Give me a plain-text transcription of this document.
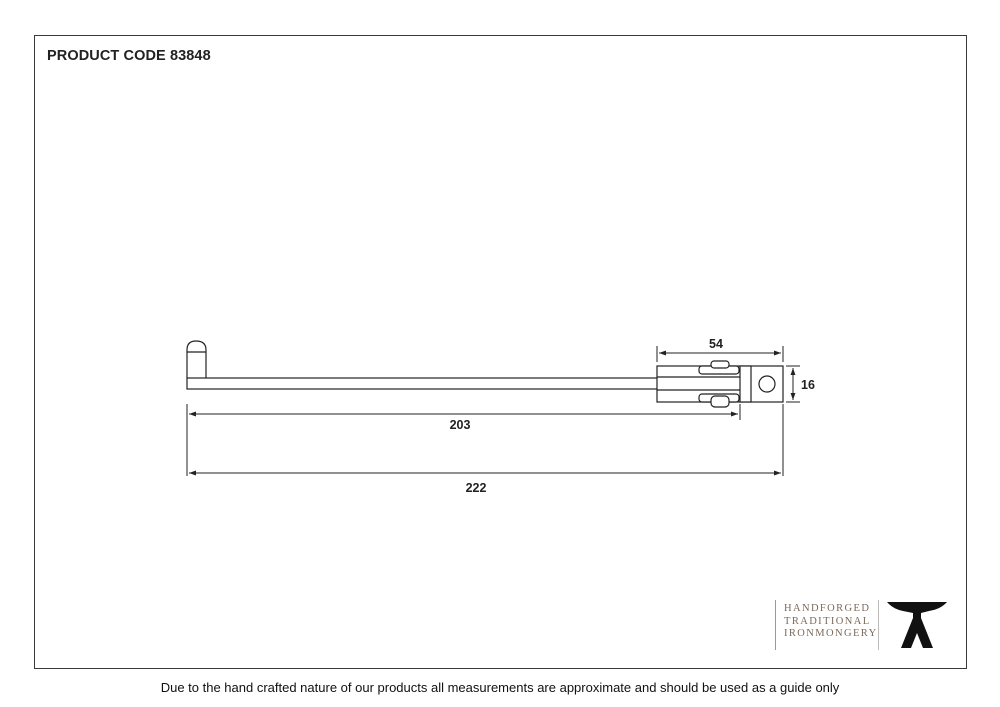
PRODUCT CODE 83848
203
222
54
16
HANDFORGED
TRADITIONAL
IRONMONGERY
Due to the hand crafted nature of our products all measurements are approximate and should be used as a guide only
